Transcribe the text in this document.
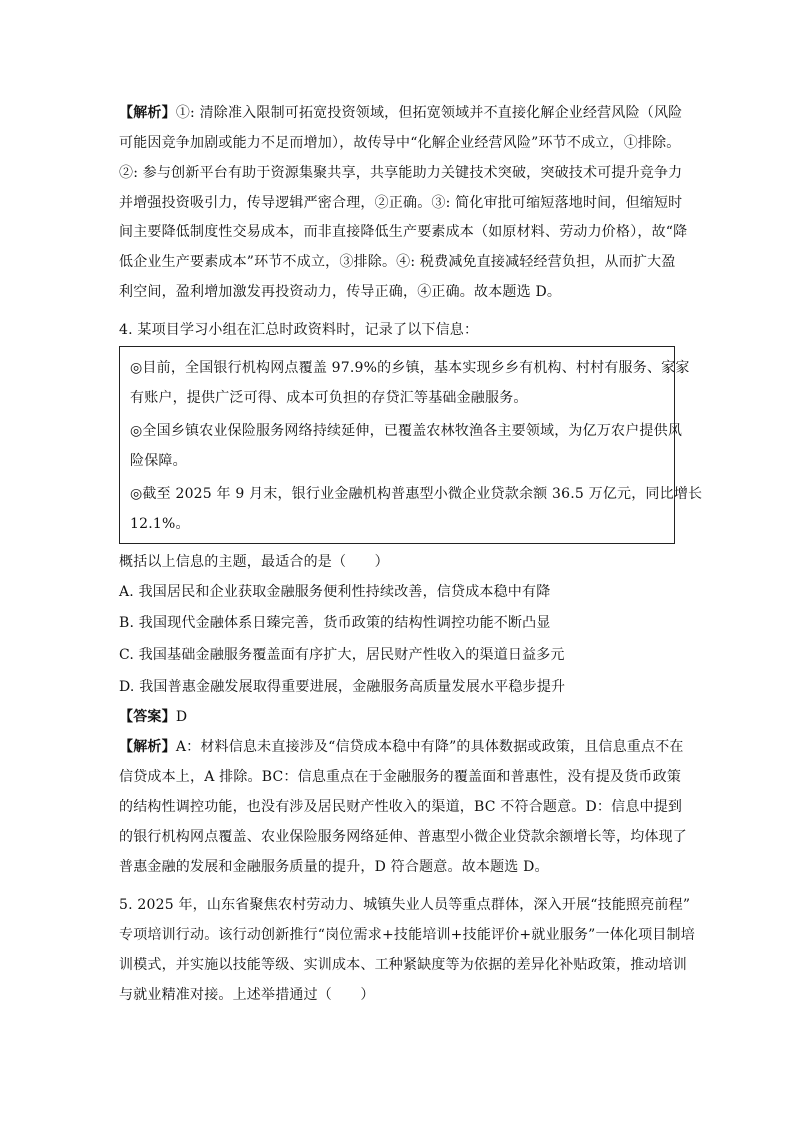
【解析】①: 清除准入限制可拓宽投资领域，但拓宽领域并不直接化解企业经营风险（风险
可能因竞争加剧或能力不足而增加），故传导中“化解企业经营风险”环节不成立，①排除。
②: 参与创新平台有助于资源集聚共享，共享能助力关键技术突破，突破技术可提升竞争力
并增强投资吸引力，传导逻辑严密合理，②正确。③: 简化审批可缩短落地时间，但缩短时
间主要降低制度性交易成本，而非直接降低生产要素成本（如原材料、劳动力价格），故“降
低企业生产要素成本”环节不成立，③排除。④: 税费减免直接减轻经营负担，从而扩大盈
利空间，盈利增加激发再投资动力，传导正确，④正确。故本题选 D。
4. 某项目学习小组在汇总时政资料时，记录了以下信息：
◎目前，全国银行机构网点覆盖 97.9%的乡镇，基本实现乡乡有机构、村村有服务、家家
有账户，提供广泛可得、成本可负担的存贷汇等基础金融服务。
◎全国乡镇农业保险服务网络持续延伸，已覆盖农林牧渔各主要领域，为亿万农户提供风
险保障。
◎截至 2025 年 9 月末，银行业金融机构普惠型小微企业贷款余额 36.5 万亿元，同比增长
12.1%。
概括以上信息的主题，最适合的是（　　）
A. 我国居民和企业获取金融服务便利性持续改善，信贷成本稳中有降
B. 我国现代金融体系日臻完善，货币政策的结构性调控功能不断凸显
C. 我国基础金融服务覆盖面有序扩大，居民财产性收入的渠道日益多元
D. 我国普惠金融发展取得重要进展，金融服务高质量发展水平稳步提升
【答案】D
【解析】A：材料信息未直接涉及“信贷成本稳中有降”的具体数据或政策，且信息重点不在
信贷成本上，A 排除。BC：信息重点在于金融服务的覆盖面和普惠性，没有提及货币政策
的结构性调控功能，也没有涉及居民财产性收入的渠道，BC 不符合题意。D：信息中提到
的银行机构网点覆盖、农业保险服务网络延伸、普惠型小微企业贷款余额增长等，均体现了
普惠金融的发展和金融服务质量的提升，D 符合题意。故本题选 D。
5. 2025 年，山东省聚焦农村劳动力、城镇失业人员等重点群体，深入开展“技能照亮前程”
专项培训行动。该行动创新推行“岗位需求+技能培训+技能评价+就业服务”一体化项目制培
训模式，并实施以技能等级、实训成本、工种紧缺度等为依据的差异化补贴政策，推动培训
与就业精准对接。上述举措通过（　　）
